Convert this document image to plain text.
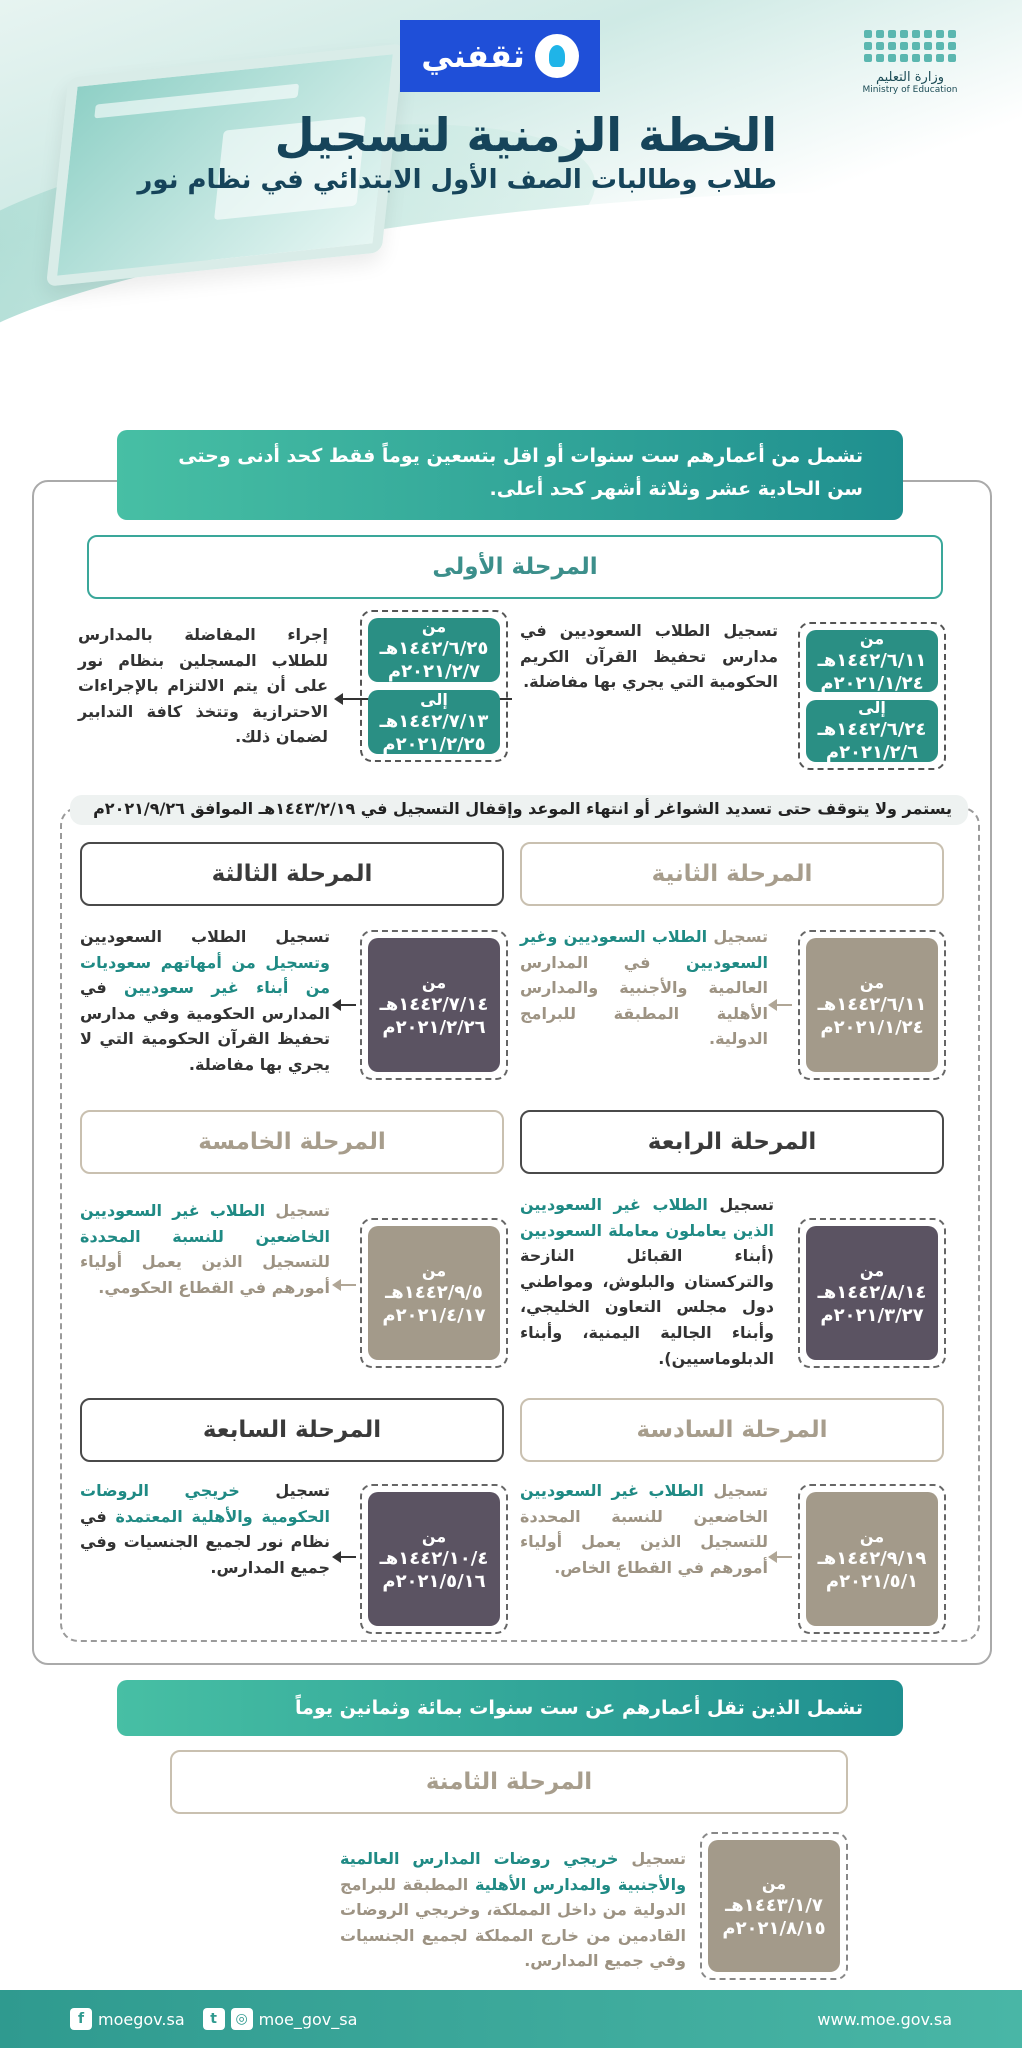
ثقفني
وزارة التعليم
Ministry of Education
الخطة الزمنية لتسجيل
طلاب وطالبات الصف الأول الابتدائي في نظام نور
تشمل من أعمارهم ست سنوات أو اقل بتسعين يوماً فقط كحد أدنى وحتى سن الحادية عشر وثلاثة أشهر كحد أعلى.
المرحلة الأولى
من
١٤٤٢/٦/١١هـ
٢٠٢١/١/٢٤م
إلى
١٤٤٢/٦/٢٤هـ
٢٠٢١/٢/٦م
تسجيل الطلاب السعوديين في مدارس تحفيظ القرآن الكريم الحكومية التي يجري بها مفاضلة.
من
١٤٤٢/٦/٢٥هـ
٢٠٢١/٢/٧م
إلى
١٤٤٢/٧/١٣هـ
٢٠٢١/٢/٢٥م
إجراء المفاضلة بالمدارس للطلاب المسجلين بنظام نور على أن يتم الالتزام بالإجراءات الاحترازية وتتخذ كافة التدابير لضمان ذلك.
يستمر ولا يتوقف حتى تسديد الشواغر أو انتهاء الموعد وإقفال التسجيل في ١٤٤٣/٢/١٩هـ الموافق ٢٠٢١/٩/٢٦م
المرحلة الثانية
المرحلة الثالثة
من
١٤٤٢/٦/١١هـ
٢٠٢١/١/٢٤م
تسجيل الطلاب السعوديين وغير السعوديين في المدارس العالمية والأجنبية والمدارس الأهلية المطبقة للبرامج الدولية.
من
١٤٤٢/٧/١٤هـ
٢٠٢١/٢/٢٦م
تسجيل الطلاب السعوديين وتسجيل من أمهاتهم سعوديات من أبناء غير سعوديين في المدارس الحكومية وفي مدارس تحفيظ القرآن الحكومية التي لا يجري بها مفاضلة.
المرحلة الرابعة
المرحلة الخامسة
من
١٤٤٢/٨/١٤هـ
٢٠٢١/٣/٢٧م
تسجيل الطلاب غير السعوديين الذين يعاملون معاملة السعوديين (أبناء القبائل النازحة والتركستان والبلوش، ومواطني دول مجلس التعاون الخليجي، وأبناء الجالية اليمنية، وأبناء الدبلوماسيين).
من
١٤٤٢/٩/٥هـ
٢٠٢١/٤/١٧م
تسجيل الطلاب غير السعوديين الخاضعين للنسبة المحددة للتسجيل الذين يعمل أولياء أمورهم في القطاع الحكومي.
المرحلة السادسة
المرحلة السابعة
من
١٤٤٢/٩/١٩هـ
٢٠٢١/٥/١م
تسجيل الطلاب غير السعوديين الخاضعين للنسبة المحددة للتسجيل الذين يعمل أولياء أمورهم في القطاع الخاص.
من
١٤٤٢/١٠/٤هـ
٢٠٢١/٥/١٦م
تسجيل خريجي الروضات الحكومية والأهلية المعتمدة في نظام نور لجميع الجنسيات وفي جميع المدارس.
تشمل الذين تقل أعمارهم عن ست سنوات بمائة وثمانين يوماً
المرحلة الثامنة
من
١٤٤٣/١/٧هـ
٢٠٢١/٨/١٥م
تسجيل خريجي روضات المدارس العالمية والأجنبية والمدارس الأهلية المطبقة للبرامج الدولية من داخل المملكة، وخريجي الروضات القادمين من خارج المملكة لجميع الجنسيات وفي جميع المدارس.
f moegov.sa	t	◎ moe_gov_sa	www.moe.gov.sa
